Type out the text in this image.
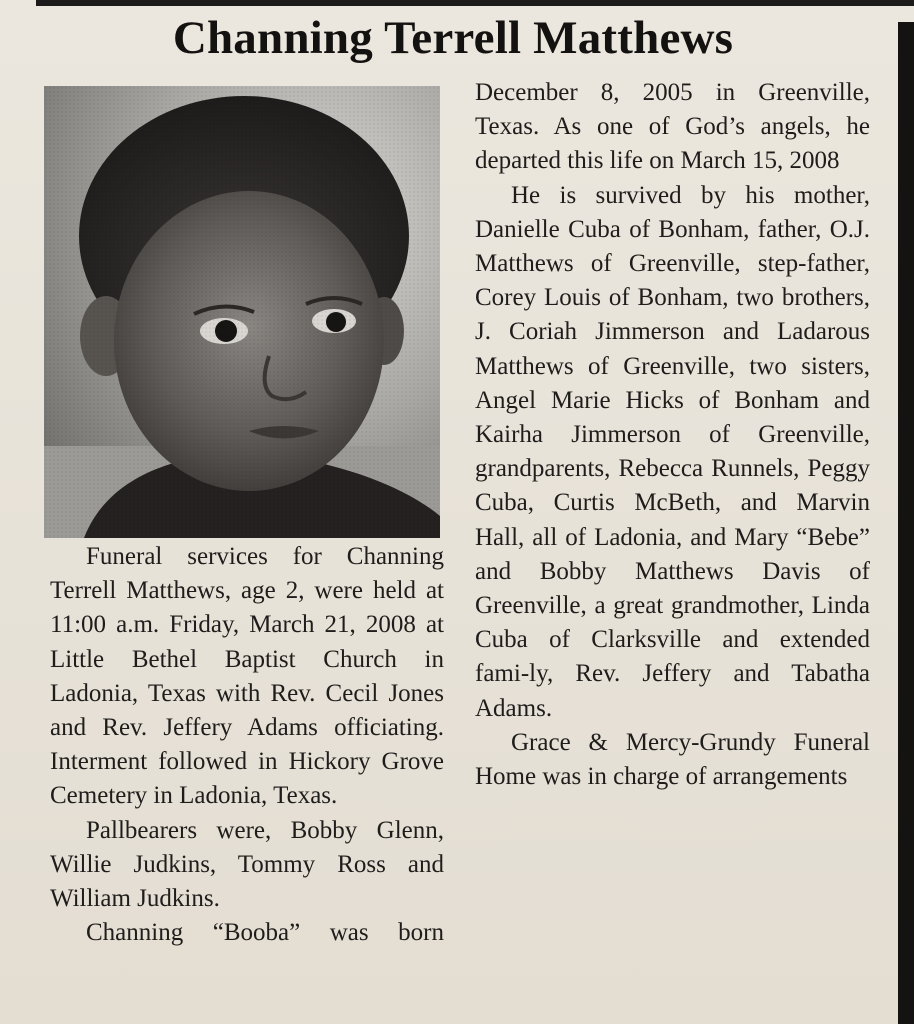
Channing Terrell Matthews

Funeral services for Channing Terrell Matthews, age 2, were held at 11:00 a.m. Friday, March 21, 2008 at Little Bethel Baptist Church in Ladonia, Texas with Rev. Cecil Jones and Rev. Jeffery Adams officiating. Interment followed in Hickory Grove Cemetery in Ladonia, Texas.

Pallbearers were, Bobby Glenn, Willie Judkins, Tommy Ross and William Judkins.

Channing “Booba” was born

December 8, 2005 in Greenville, Texas. As one of God’s angels, he departed this life on March 15, 2008

He is survived by his mother, Danielle Cuba of Bonham, father, O.J. Matthews of Greenville, step-father, Corey Louis of Bonham, two brothers, J. Coriah Jimmerson and Ladarous Matthews of Greenville, two sisters, Angel Marie Hicks of Bonham and Kairha Jimmerson of Greenville, grandparents, Rebecca Runnels, Peggy Cuba, Curtis McBeth, and Marvin Hall, all of Ladonia, and Mary “Bebe” and Bobby Matthews Davis of Greenville, a great grandmother, Linda Cuba of Clarksville and extended fami-ly, Rev. Jeffery and Tabatha Adams.

Grace & Mercy-Grundy Funeral Home was in charge of arrangements
